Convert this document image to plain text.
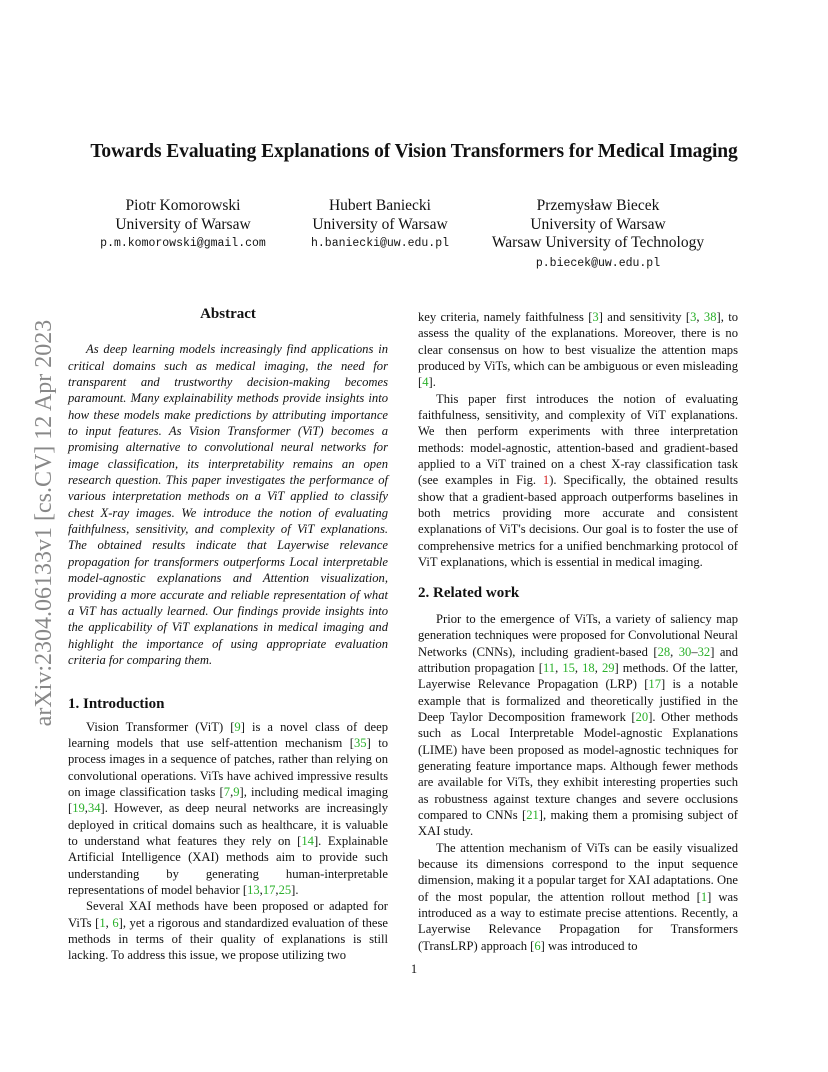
Towards Evaluating Explanations of Vision Transformers for Medical Imaging
Piotr Komorowski
University of Warsaw
p.m.komorowski@gmail.com
Hubert Baniecki
University of Warsaw
h.baniecki@uw.edu.pl
Przemysław Biecek
University of Warsaw
Warsaw University of Technology
p.biecek@uw.edu.pl
arXiv:2304.06133v1 [cs.CV] 12 Apr 2023
Abstract

As deep learning models increasingly find applications in critical domains such as medical imaging, the need for transparent and trustworthy decision-making becomes paramount. Many explainability methods provide insights into how these models make predictions by attributing importance to input features. As Vision Transformer (ViT) becomes a promising alternative to convolutional neural networks for image classification, its interpretability remains an open research question. This paper investigates the performance of various interpretation methods on a ViT applied to classify chest X-ray images. We introduce the notion of evaluating faithfulness, sensitivity, and complexity of ViT explanations. The obtained results indicate that Layerwise relevance propagation for transformers outperforms Local interpretable model-agnostic explanations and Attention visualization, providing a more accurate and reliable representation of what a ViT has actually learned. Our findings provide insights into the applicability of ViT explanations in medical imaging and highlight the importance of using appropriate evaluation criteria for comparing them.

1. Introduction

Vision Transformer (ViT) [9] is a novel class of deep learning models that use self-attention mechanism [35] to process images in a sequence of patches, rather than relying on convolutional operations. ViTs have achived impressive results on image classification tasks [7,9], including medical imaging [19,34]. However, as deep neural networks are increasingly deployed in critical domains such as healthcare, it is valuable to understand what features they rely on [14]. Explainable Artificial Intelligence (XAI) methods aim to provide such understanding by generating human-interpretable representations of model behavior [13,17,25].

Several XAI methods have been proposed or adapted for ViTs [1, 6], yet a rigorous and standardized evaluation of these methods in terms of their quality of explanations is still lacking. To address this issue, we propose utilizing two

key criteria, namely faithfulness [3] and sensitivity [3, 38], to assess the quality of the explanations. Moreover, there is no clear consensus on how to best visualize the attention maps produced by ViTs, which can be ambiguous or even misleading [4].

This paper first introduces the notion of evaluating faithfulness, sensitivity, and complexity of ViT explanations. We then perform experiments with three interpretation methods: model-agnostic, attention-based and gradient-based applied to a ViT trained on a chest X-ray classification task (see examples in Fig. 1). Specifically, the obtained results show that a gradient-based approach outperforms baselines in both metrics providing more accurate and consistent explanations of ViT's decisions. Our goal is to foster the use of comprehensive metrics for a unified benchmarking protocol of ViT explanations, which is essential in medical imaging.

2. Related work

Prior to the emergence of ViTs, a variety of saliency map generation techniques were proposed for Convolutional Neural Networks (CNNs), including gradient-based [28, 30–32] and attribution propagation [11, 15, 18, 29] methods. Of the latter, Layerwise Relevance Propagation (LRP) [17] is a notable example that is formalized and theoretically justified in the Deep Taylor Decomposition framework [20]. Other methods such as Local Interpretable Model-agnostic Explanations (LIME) have been proposed as model-agnostic techniques for generating feature importance maps. Although fewer methods are available for ViTs, they exhibit interesting properties such as robustness against texture changes and severe occlusions compared to CNNs [21], making them a promising subject of XAI study.

The attention mechanism of ViTs can be easily visualized because its dimensions correspond to the input sequence dimension, making it a popular target for XAI adaptations. One of the most popular, the attention rollout method [1] was introduced as a way to estimate precise attentions. Recently, a Layerwise Relevance Propagation for Transformers (TransLRP) approach [6] was introduced to

1
